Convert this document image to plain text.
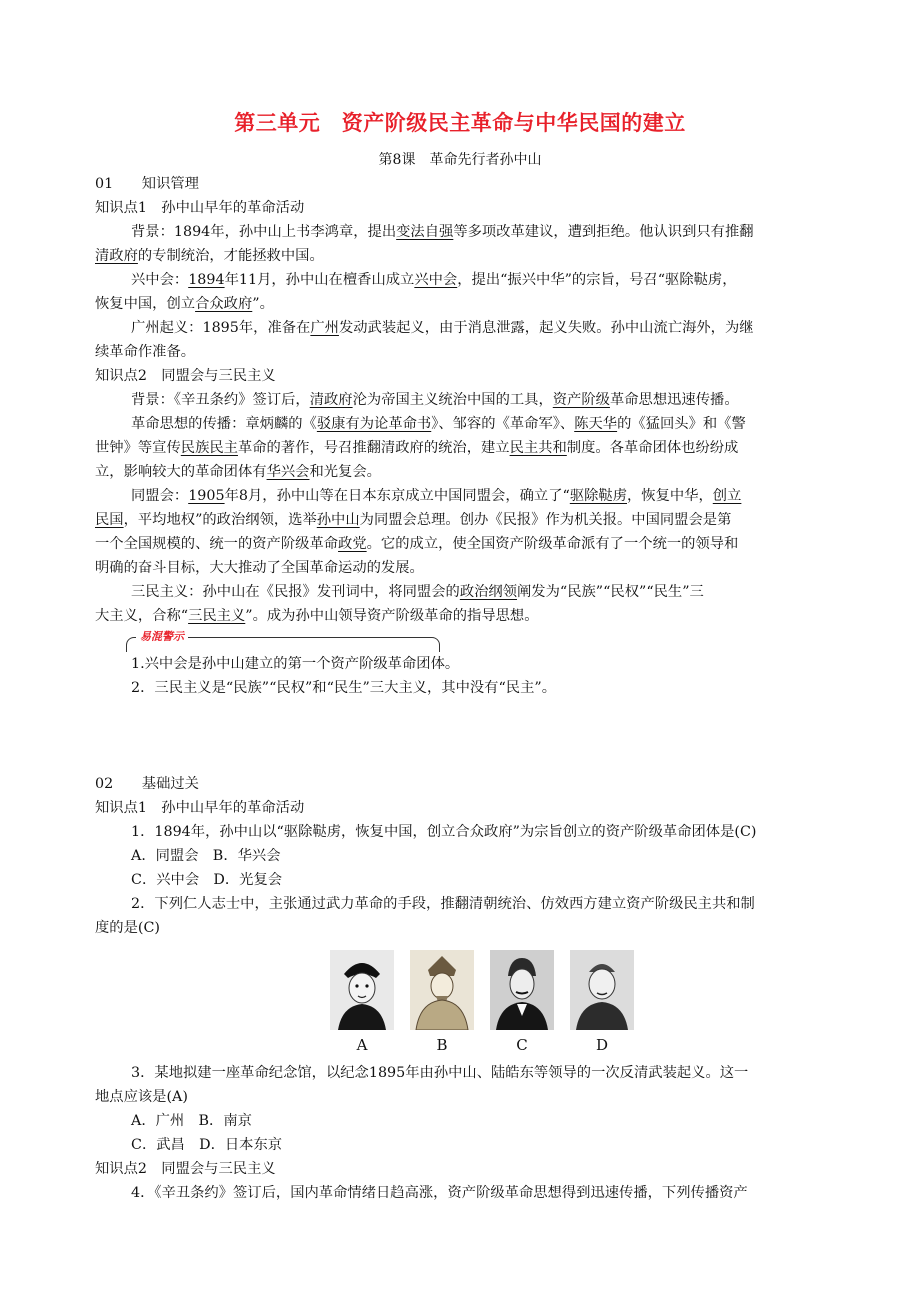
第三单元　资产阶级民主革命与中华民国的建立
第8课　革命先行者孙中山
01　　知识管理
知识点1　孙中山早年的革命活动
背景：1894年，孙中山上书李鸿章，提出变法自强等多项改革建议，遭到拒绝。他认识到只有推翻
清政府的专制统治，才能拯救中国。
兴中会：1894年11月，孙中山在檀香山成立兴中会，提出“振兴中华”的宗旨，号召“驱除鞑虏，
恢复中国，创立合众政府”。
广州起义：1895年，准备在广州发动武装起义，由于消息泄露，起义失败。孙中山流亡海外，为继
续革命作准备。
知识点2　同盟会与三民主义
背景：《辛丑条约》签订后，清政府沦为帝国主义统治中国的工具，资产阶级革命思想迅速传播。
革命思想的传播：章炳麟的《驳康有为论革命书》、邹容的《革命军》、陈天华的《猛回头》和《警
世钟》等宣传民族民主革命的著作，号召推翻清政府的统治，建立民主共和制度。各革命团体也纷纷成
立，影响较大的革命团体有华兴会和光复会。
同盟会：1905年8月，孙中山等在日本东京成立中国同盟会，确立了“驱除鞑虏，恢复中华，创立
民国，平均地权”的政治纲领，选举孙中山为同盟会总理。创办《民报》作为机关报。中国同盟会是第
一个全国规模的、统一的资产阶级革命政党。它的成立，使全国资产阶级革命派有了一个统一的领导和
明确的奋斗目标，大大推动了全国革命运动的发展。
三民主义：孙中山在《民报》发刊词中，将同盟会的政治纲领阐发为“民族”“民权”“民生”三
大主义，合称“三民主义”。成为孙中山领导资产阶级革命的指导思想。
易混警示
1.兴中会是孙中山建立的第一个资产阶级革命团体。
2．三民主义是“民族”“民权”和“民生”三大主义，其中没有“民主”。
02　　基础过关
知识点1　孙中山早年的革命活动
1．1894年，孙中山以“驱除鞑虏，恢复中国，创立合众政府”为宗旨创立的资产阶级革命团体是(C)
A．同盟会　B．华兴会
C．兴中会　D．光复会
2．下列仁人志士中，主张通过武力革命的手段，推翻清朝统治、仿效西方建立资产阶级民主共和制
度的是(C)
A	B	C	D
3．某地拟建一座革命纪念馆，以纪念1895年由孙中山、陆皓东等领导的一次反清武装起义。这一
地点应该是(A)
A．广州　B．南京
C．武昌　D．日本东京
知识点2　同盟会与三民主义
4．《辛丑条约》签订后，国内革命情绪日趋高涨，资产阶级革命思想得到迅速传播，下列传播资产
